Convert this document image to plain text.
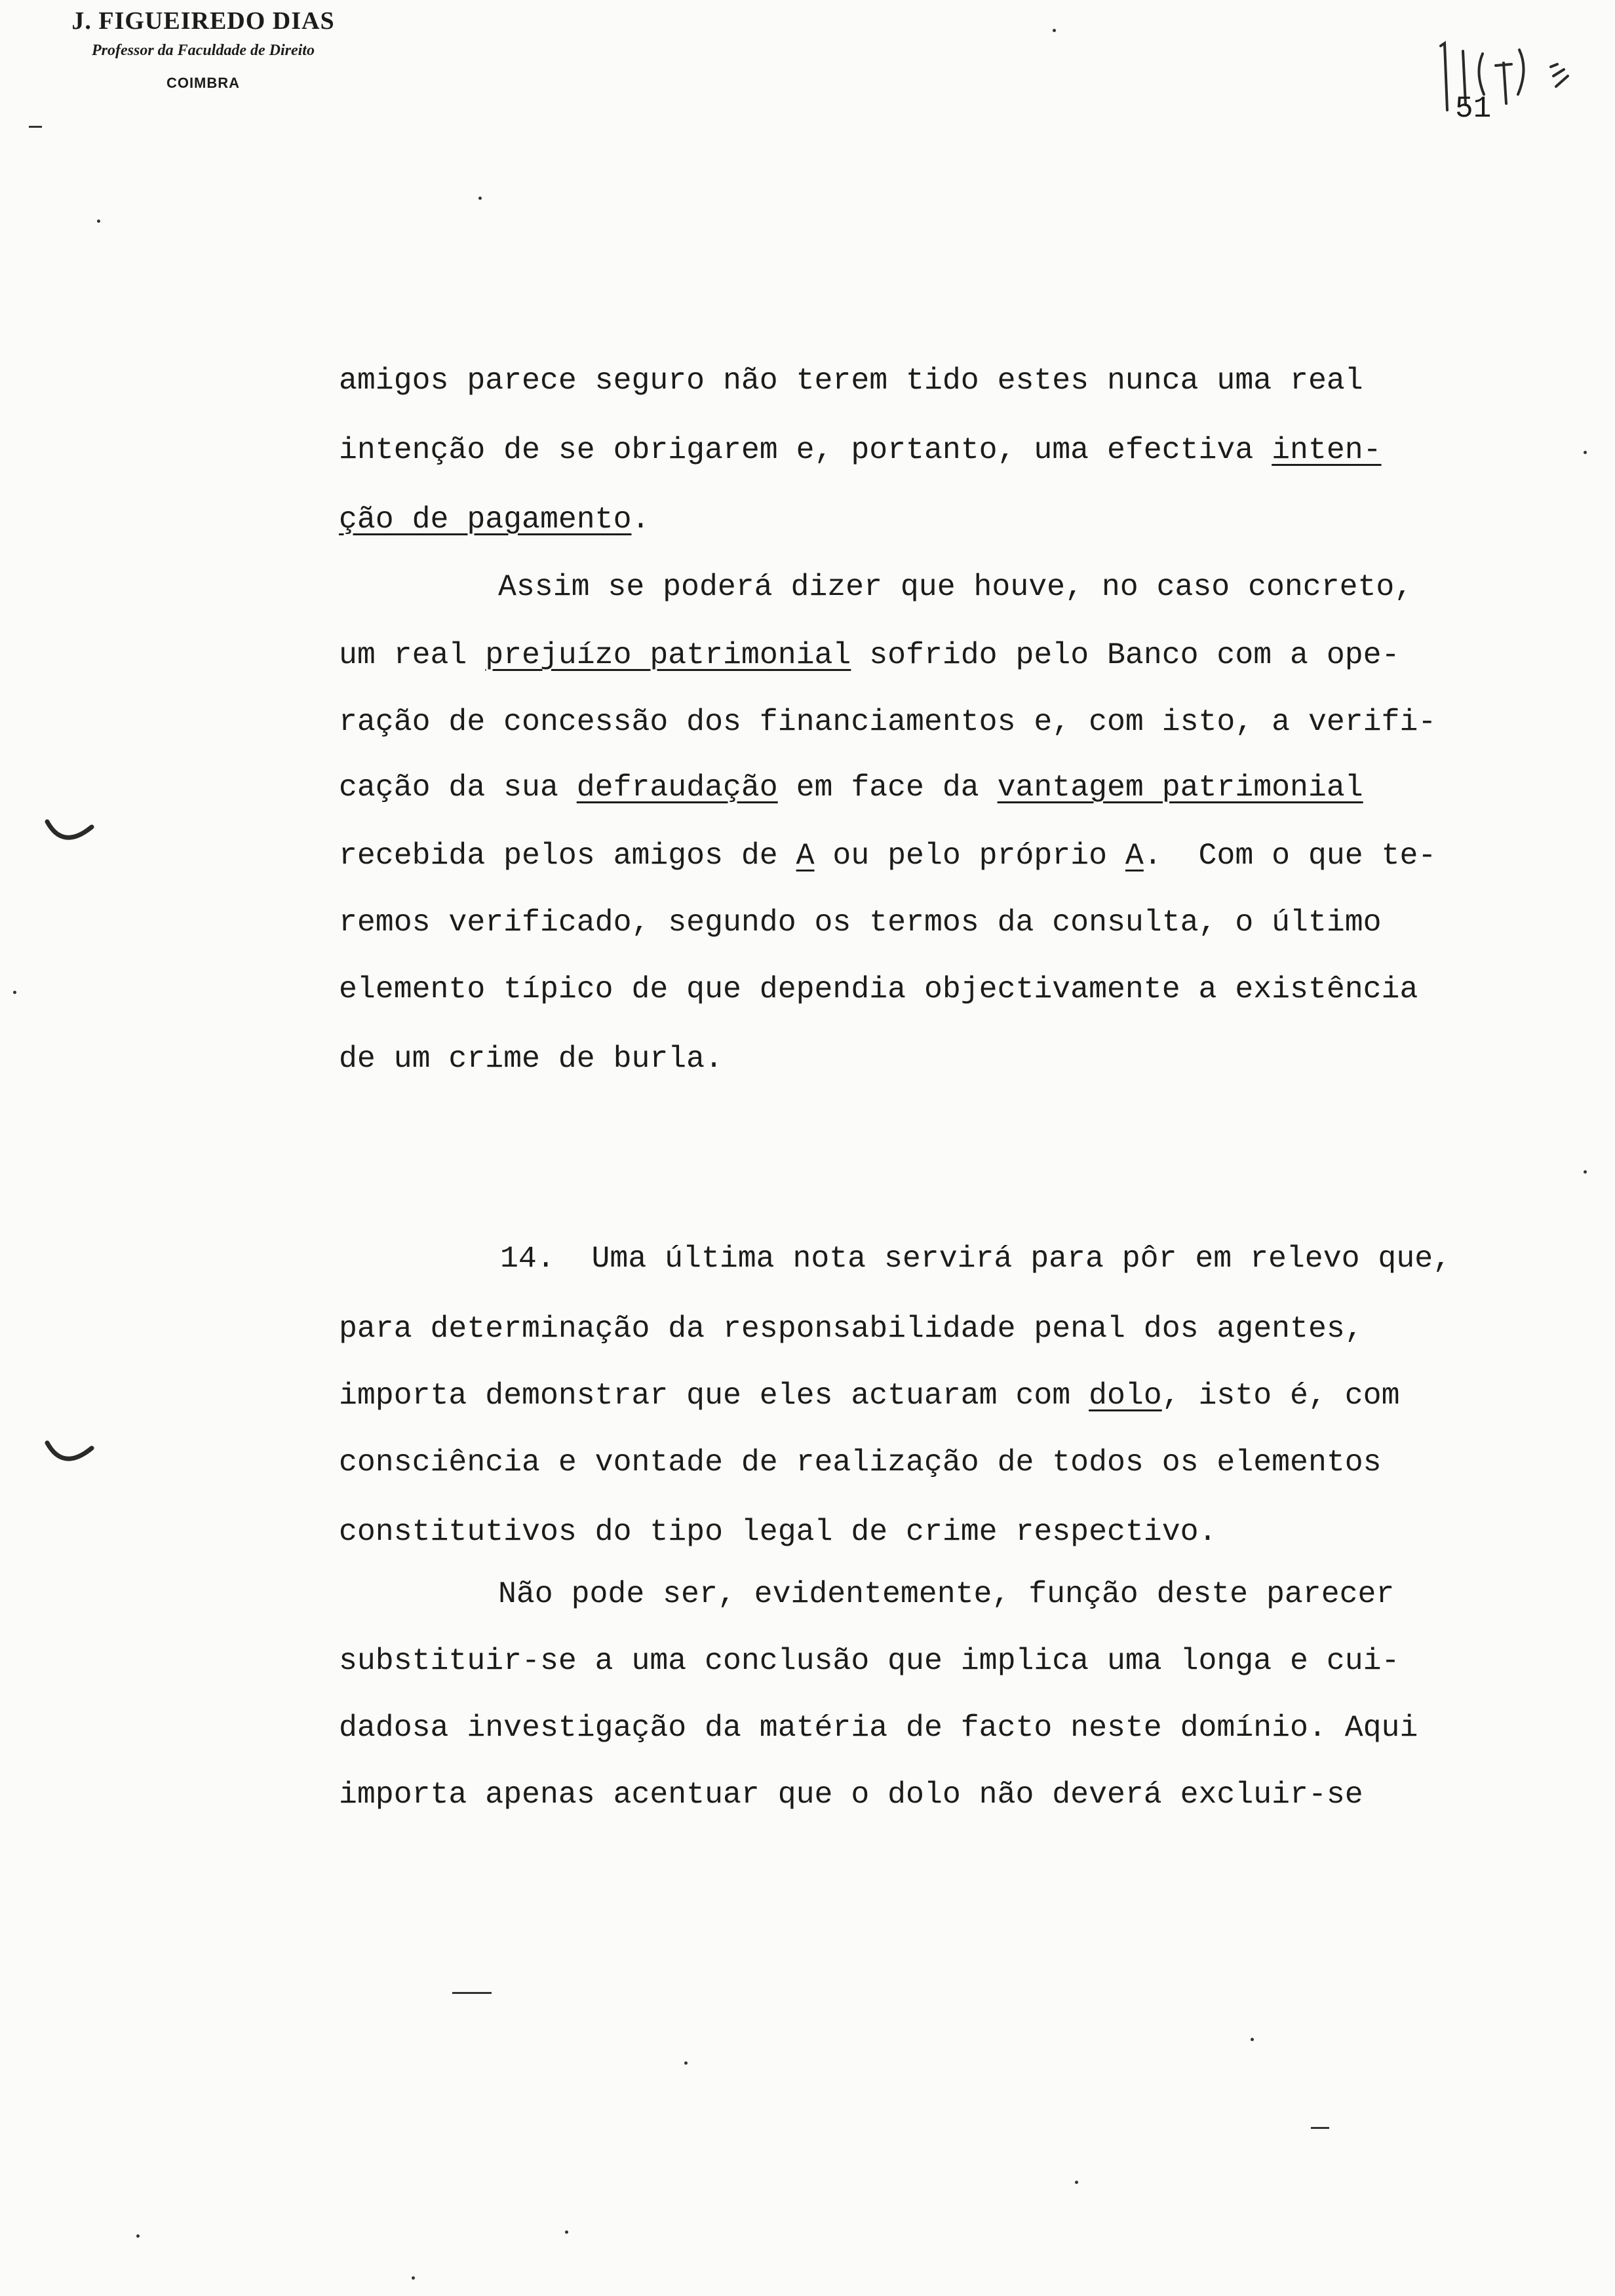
J. FIGUEIREDO DIAS
Professor da Faculdade de Direito
COIMBRA
51
amigos parece seguro não terem tido estes nunca uma real
intenção de se obrigarem e, portanto, uma efectiva inten-
ção de pagamento.
Assim se poderá dizer que houve, no caso concreto,
um real prejuízo patrimonial sofrido pelo Banco com a ope-
ração de concessão dos financiamentos e, com isto, a verifi-
cação da sua defraudação em face da vantagem patrimonial
recebida pelos amigos de A ou pelo próprio A.  Com o que te-
remos verificado, segundo os termos da consulta, o último
elemento típico de que dependia objectivamente a existência
de um crime de burla.
14.  Uma última nota servirá para pôr em relevo que,
para determinação da responsabilidade penal dos agentes,
importa demonstrar que eles actuaram com dolo, isto é, com
consciência e vontade de realização de todos os elementos
constitutivos do tipo legal de crime respectivo.
Não pode ser, evidentemente, função deste parecer
substituir-se a uma conclusão que implica uma longa e cui-
dadosa investigação da matéria de facto neste domínio. Aqui
importa apenas acentuar que o dolo não deverá excluir-se
